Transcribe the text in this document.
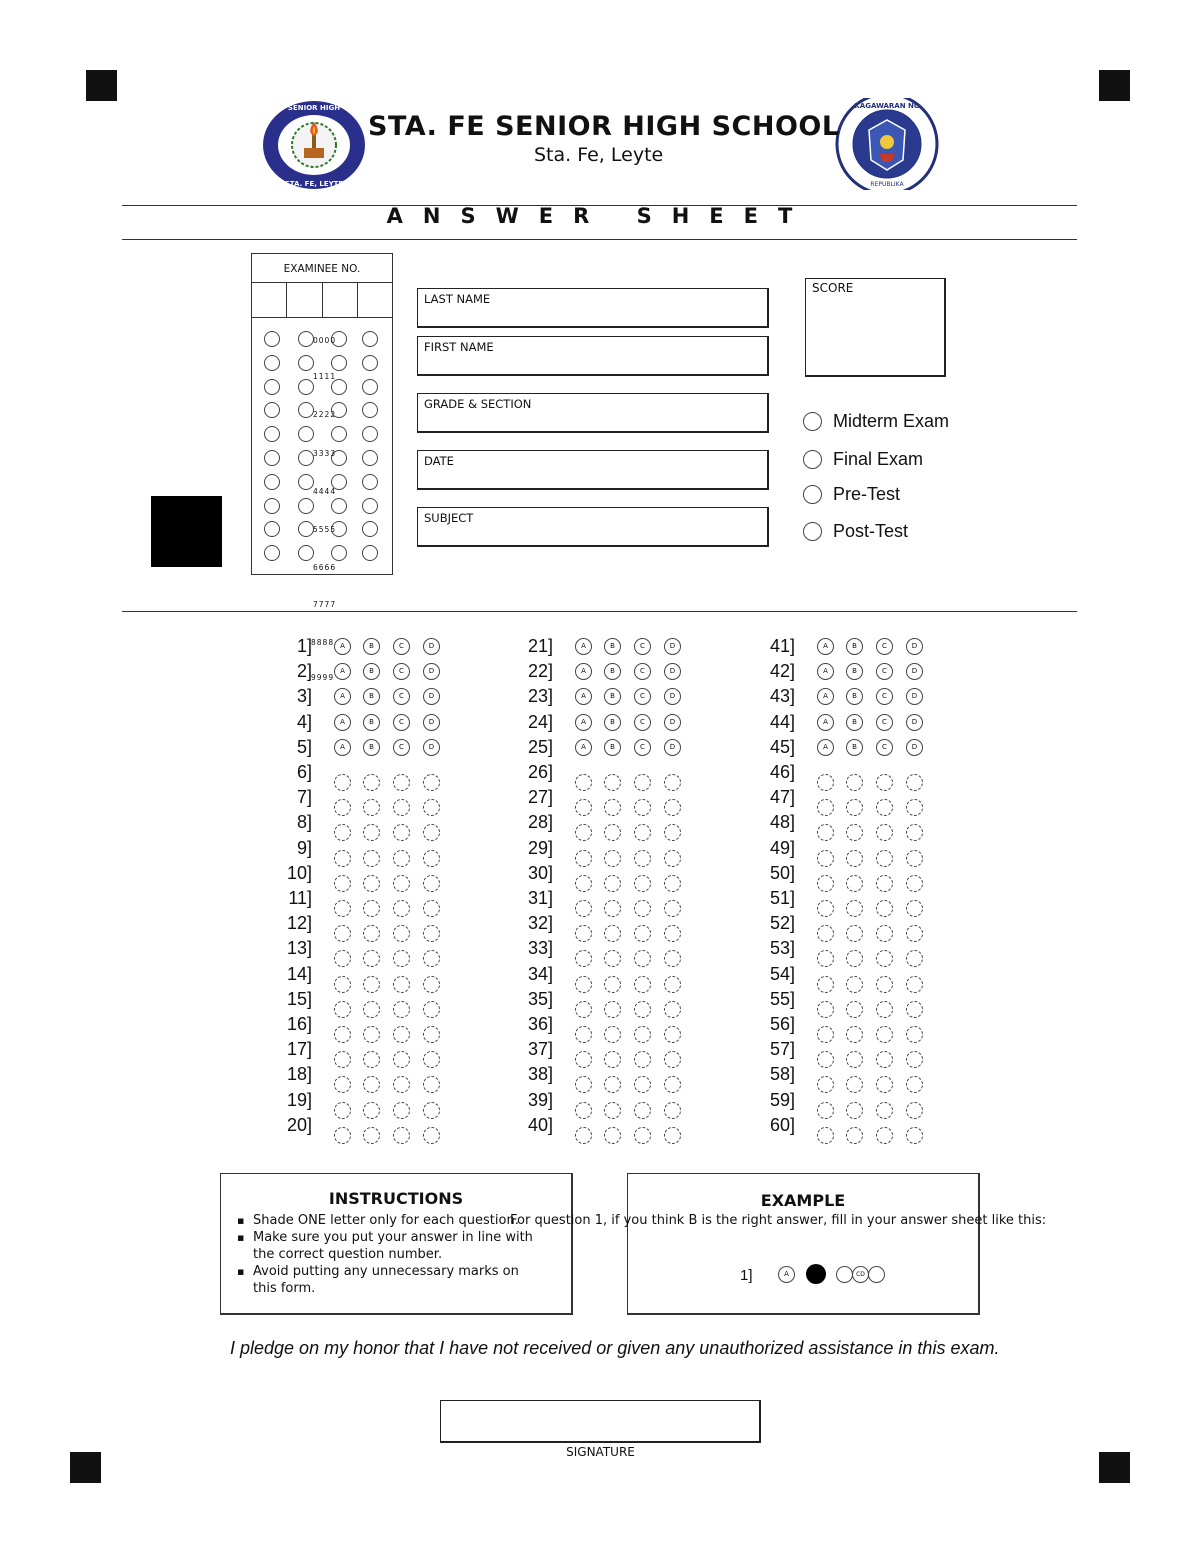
SENIOR HIGH
STA. FE, LEYTE
KAGAWARAN NG
REPUBLIKA
STA. FE SENIOR HIGH SCHOOL
Sta. Fe, Leyte
ANSWER SHEET
EXAMINEE NO.
0000
1111
2222
3333
4444
5555
6666
7777
8888
9999
LAST NAME
FIRST NAME
GRADE & SECTION
DATE
SUBJECT
SCORE
Midterm Exam
Final Exam
Pre-Test
Post-Test
1]	A	B	C	D
2]	A	B	C	D
3]	A	B	C	D
4]	A	B	C	D
5]	A	B	C	D
6]
7]
8]
9]
10]
11]
12]
13]
14]
15]
16]
17]
18]
19]
20]
21]	A	B	C	D
22]	A	B	C	D
23]	A	B	C	D
24]	A	B	C	D
25]	A	B	C	D
26]
27]
28]
29]
30]
31]
32]
33]
34]
35]
36]
37]
38]
39]
40]
41]	A	B	C	D
42]	A	B	C	D
43]	A	B	C	D
44]	A	B	C	D
45]	A	B	C	D
46]
47]
48]
49]
50]
51]
52]
53]
54]
55]
56]
57]
58]
59]
60]
INSTRUCTIONS
▪ Shade ONE letter only for each question.
▪ Make sure you put your answer in line with the correct question number.
▪ Avoid putting any unnecessary marks on this form.
EXAMPLE
1]	A	CD
For question 1, if you think B is the right answer, fill in your answer sheet like this:
I pledge on my honor that I have not received or given any unauthorized assistance in this exam.
SIGNATURE
